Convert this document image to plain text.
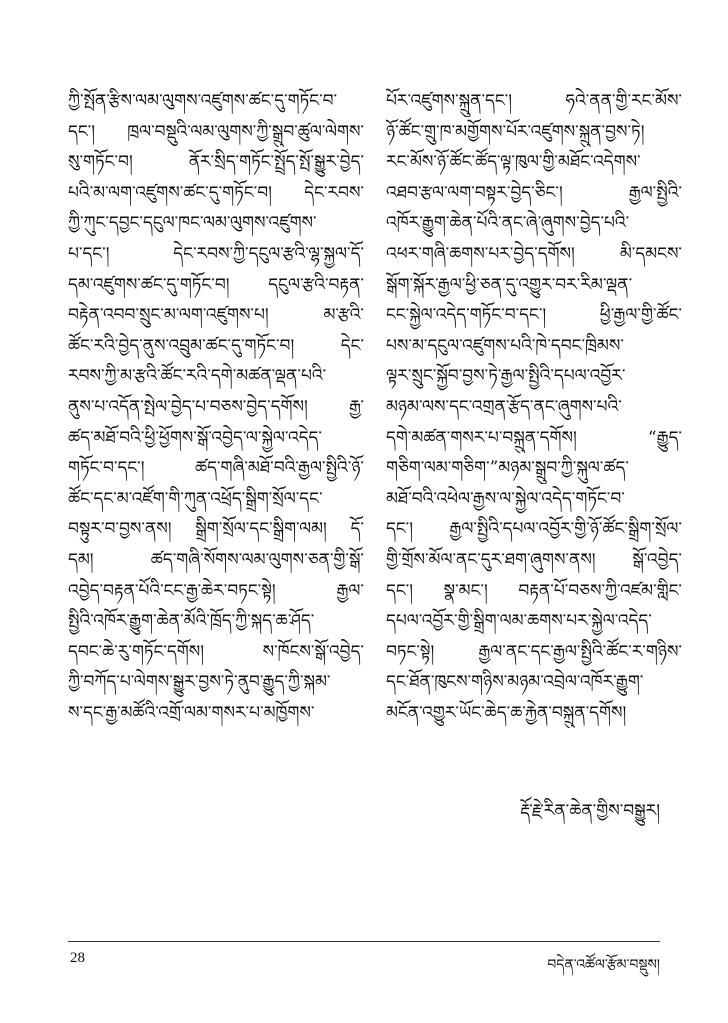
ཀྱི་སྤོན་རྩིས་ལམ་ལུགས་འཛུགས་ཚང་དུ་གཏོང་བ་
དང་། ཁྲལ་བསྡུའི་ལམ་ལུགས་ཀྱི་སྒྲུབ་ཚུལ་ལེགས་
སུ་གཏོང་བ། ནོར་སྲིད་གཏོང་སྤྲོད་སྤོ་སྒྱུར་བྱེད་
པའི་མ་ལག་འཛུགས་ཚང་དུ་གཏོང་བ། དེང་རབས་
ཀྱི་ཀུང་དབྱང་དངུལ་ཁང་ལམ་ལུགས་འཛུགས་
པ་དང་། དེང་རབས་ཀྱི་དངུལ་རྩའི་ལྷ་སྐྱལ་དོ་
དམ་འཛུགས་ཚང་དུ་གཏོང་བ། དངུལ་རྩའི་བརྟན་
བརྟེན་འབབ་སྲུང་མ་ལག་འཛུགས་པ། མ་རྩའི་
ཚོང་རའི་བྱེད་ནུས་འབྲུམ་ཚང་དུ་གཏོང་བ། དེང་
རབས་ཀྱི་མ་རྩའི་ཚོང་རའི་དགེ་མཚན་ལྡན་པའི་
ནུས་པ་འདོན་སྤེལ་བྱེད་པ་བཅས་བྱེད་དགོས། རྒྱ་
ཚད་མཐོ་བའི་ཕྱི་ཕྱོགས་སྒོ་འབྱེད་ལ་སྐྱེལ་འདེད་
གཏོང་བ་དང་། ཚད་གཞི་མཐོ་བའི་རྒྱལ་སྤྱིའི་ཉོ་
ཚོང་དང་མ་འཛོག་གི་ཀུན་འཕྲོད་སྒྲིག་སྲོལ་དང་
བསྟུར་བ་བྱས་ནས། སྒྲིག་སྲོལ་དང་སྒྲིག་ལམ། དོ་
དམ། ཚད་གཞི་སོགས་ལམ་ལུགས་ཅན་གྱི་སྒོ་
འབྱེད་བརྟན་པོའི་ངང་རྒྱ་ཆེར་བཏང་སྟེ། རྒྱལ་
སྤྱིའི་འཁོར་རྒྱུག་ཆེན་མོའི་ཁྲོད་ཀྱི་སྐད་ཆ་ཤོད་
དབང་ཆེ་རུ་གཏོང་དགོས། ས་ཁོངས་སྒོ་འབྱེད་
ཀྱི་བཀོད་པ་ལེགས་སྒྱུར་བྱས་ཏེ་ནུབ་རྒྱུད་ཀྱི་སྐམ་
ས་དང་རྒྱ་མཚོའི་འགྲོ་ལམ་གསར་པ་མཁྱོགས་
པོར་འཛུགས་སྐྲུན་དང་། ཧའེ་ནན་གྱི་རང་མོས་
ཉོ་ཚོང་གྲུ་ཁ་མགྱོགས་པོར་འཛུགས་སྐྲུན་བྱས་ཏེ།
རང་མོས་ཉོ་ཚོང་ཚོད་ལྟ་ཁུལ་གྱི་མཐོང་འདེགས་
འཐབ་རྩལ་ལག་བསྟར་བྱེད་ཅིང་། རྒྱལ་སྤྱིའི་
འཁོར་རྒྱུག་ཆེན་པོའི་ནང་ཞེ་ཞུགས་བྱེད་པའི་
འཕར་གཞི་ཆགས་པར་བྱེད་དགོས། མི་དམངས་
སྒོག་སྐོར་རྒྱལ་ཕྱི་ཅན་དུ་འགྱུར་བར་རིམ་ལྡན་
ངང་སྐྱེལ་འདེད་གཏོང་བ་དང་། ཕྱི་རྒྱལ་གྱི་ཚོང་
པས་མ་དངུལ་འཛུགས་པའི་ཁེ་དབང་ཁྲིམས་
ལྟར་སྲུང་སྐྱོབ་བྱས་ཏེ་རྒྱལ་སྤྱིའི་དཔལ་འབྱོར་
མཉམ་ལས་དང་འགྲན་རྩོད་ནང་ཞུགས་པའི་
དགེ་མཚན་གསར་པ་བསྐྲུན་དགོས། “རྒྱུད་
གཅིག་ལམ་གཅིག་”མཉམ་སྒྲུབ་ཀྱི་སྐུལ་ཚད་
མཐོ་བའི་འཕེལ་རྒྱས་ལ་སྐྱེལ་འདེད་གཏོང་བ་
དང་། རྒྱལ་སྤྱིའི་དཔལ་འབྱོར་གྱི་ཉོ་ཚོང་སྒྲིག་སྲོལ་
གྱི་གྲོས་མོལ་ནང་དུར་ཐག་ཞུགས་ནས། སྒོ་འབྱེད་
དང་། སྣ་མང་། བརྟན་པོ་བཅས་ཀྱི་འཛམ་གླིང་
དཔལ་འབྱོར་གྱི་སྒྲིག་ལམ་ཆགས་པར་སྐྱེལ་འདེད་
བཏང་སྟེ། རྒྱལ་ནང་དང་རྒྱལ་སྤྱིའི་ཚོང་ར་གཉིས་
དང་ཐོན་ཁུངས་གཉིས་མཉམ་འབྲེལ་འཁོར་རྒྱུག་
མངོན་འགྱུར་ཡོང་ཆེད་ཆ་རྐྱེན་བསྐྲུན་དགོས།
རྡོ་རྗེ་རིན་ཆེན་གྱིས་བསྒྱུར།
28	བདེན་འཚོལ་རྩོམ་བསྡུས།
